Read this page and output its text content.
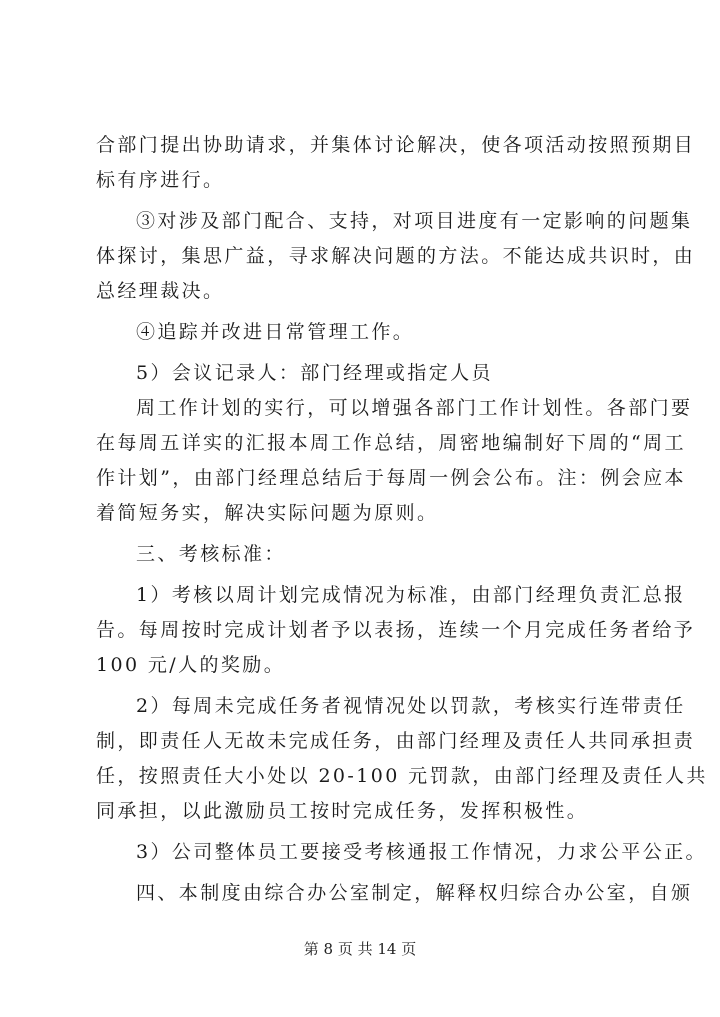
合部门提出协助请求，并集体讨论解决，使各项活动按照预期目
标有序进行。
③对涉及部门配合、支持，对项目进度有一定影响的问题集
体探讨，集思广益，寻求解决问题的方法。不能达成共识时，由
总经理裁决。
④追踪并改进日常管理工作。
5）会议记录人：部门经理或指定人员
周工作计划的实行，可以增强各部门工作计划性。各部门要
在每周五详实的汇报本周工作总结，周密地编制好下周的“周工
作计划”，由部门经理总结后于每周一例会公布。注：例会应本
着简短务实，解决实际问题为原则。
三、考核标准：
1）考核以周计划完成情况为标准，由部门经理负责汇总报
告。每周按时完成计划者予以表扬，连续一个月完成任务者给予
100 元/人的奖励。
2）每周未完成任务者视情况处以罚款，考核实行连带责任
制，即责任人无故未完成任务，由部门经理及责任人共同承担责
任，按照责任大小处以 20-100 元罚款，由部门经理及责任人共
同承担，以此激励员工按时完成任务，发挥积极性。
3）公司整体员工要接受考核通报工作情况，力求公平公正。
四、本制度由综合办公室制定，解释权归综合办公室，自颁
第 8 页 共 14 页
